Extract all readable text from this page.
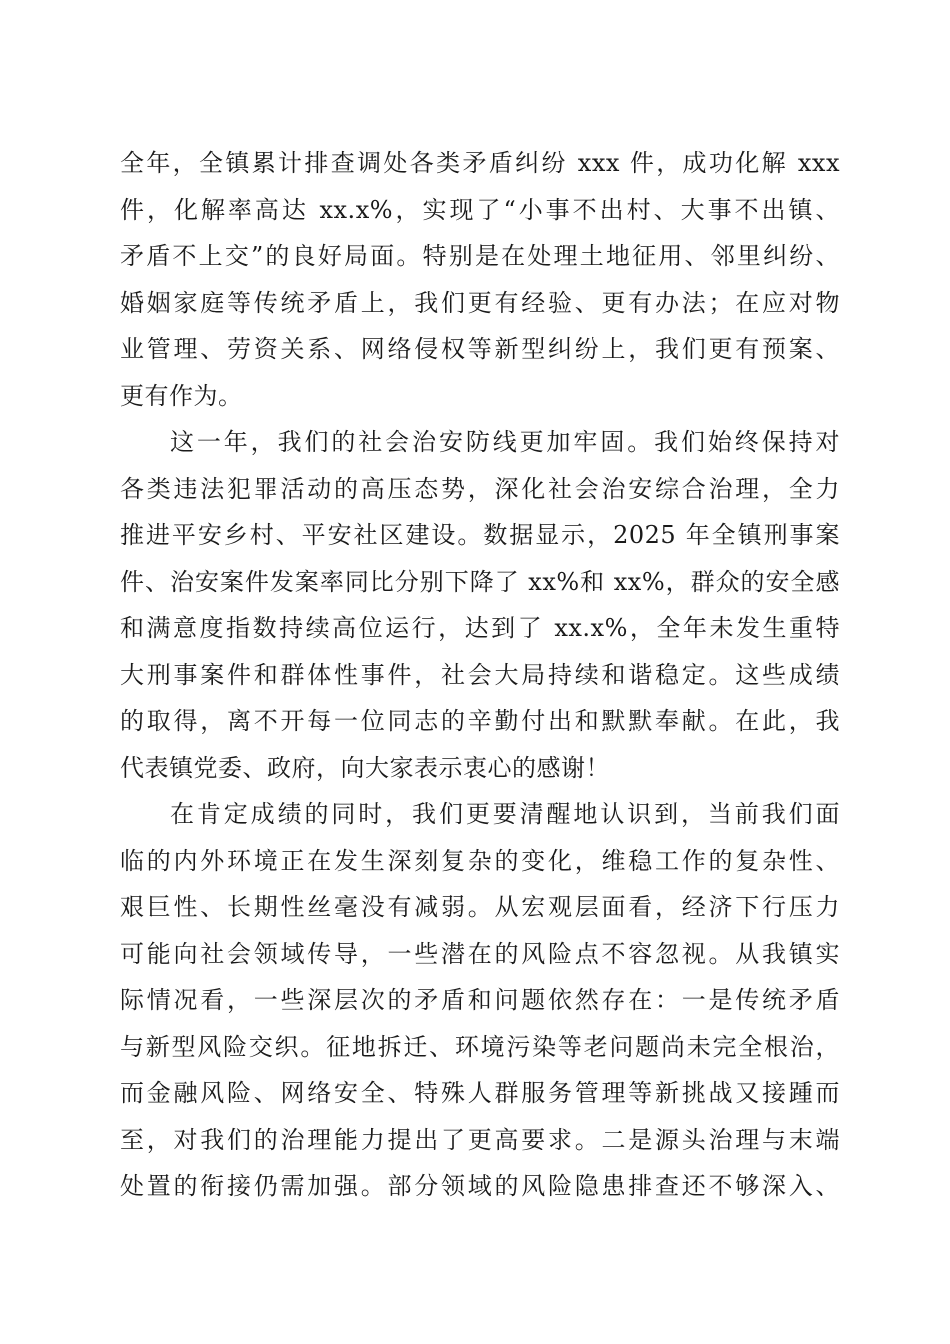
全年，全镇累计排查调处各类矛盾纠纷 xxx 件，成功化解 xxx
件，化解率高达 xx.x%，实现了“小事不出村、大事不出镇、
矛盾不上交”的良好局面。特别是在处理土地征用、邻里纠纷、
婚姻家庭等传统矛盾上，我们更有经验、更有办法；在应对物
业管理、劳资关系、网络侵权等新型纠纷上，我们更有预案、
更有作为。
这一年，我们的社会治安防线更加牢固。我们始终保持对
各类违法犯罪活动的高压态势，深化社会治安综合治理，全力
推进平安乡村、平安社区建设。数据显示，2025 年全镇刑事案
件、治安案件发案率同比分别下降了 xx%和 xx%，群众的安全感
和满意度指数持续高位运行，达到了 xx.x%，全年未发生重特
大刑事案件和群体性事件，社会大局持续和谐稳定。这些成绩
的取得，离不开每一位同志的辛勤付出和默默奉献。在此，我
代表镇党委、政府，向大家表示衷心的感谢！
在肯定成绩的同时，我们更要清醒地认识到，当前我们面
临的内外环境正在发生深刻复杂的变化，维稳工作的复杂性、
艰巨性、长期性丝毫没有减弱。从宏观层面看，经济下行压力
可能向社会领域传导，一些潜在的风险点不容忽视。从我镇实
际情况看，一些深层次的矛盾和问题依然存在：一是传统矛盾
与新型风险交织。征地拆迁、环境污染等老问题尚未完全根治，
而金融风险、网络安全、特殊人群服务管理等新挑战又接踵而
至，对我们的治理能力提出了更高要求。二是源头治理与末端
处置的衔接仍需加强。部分领域的风险隐患排查还不够深入、
